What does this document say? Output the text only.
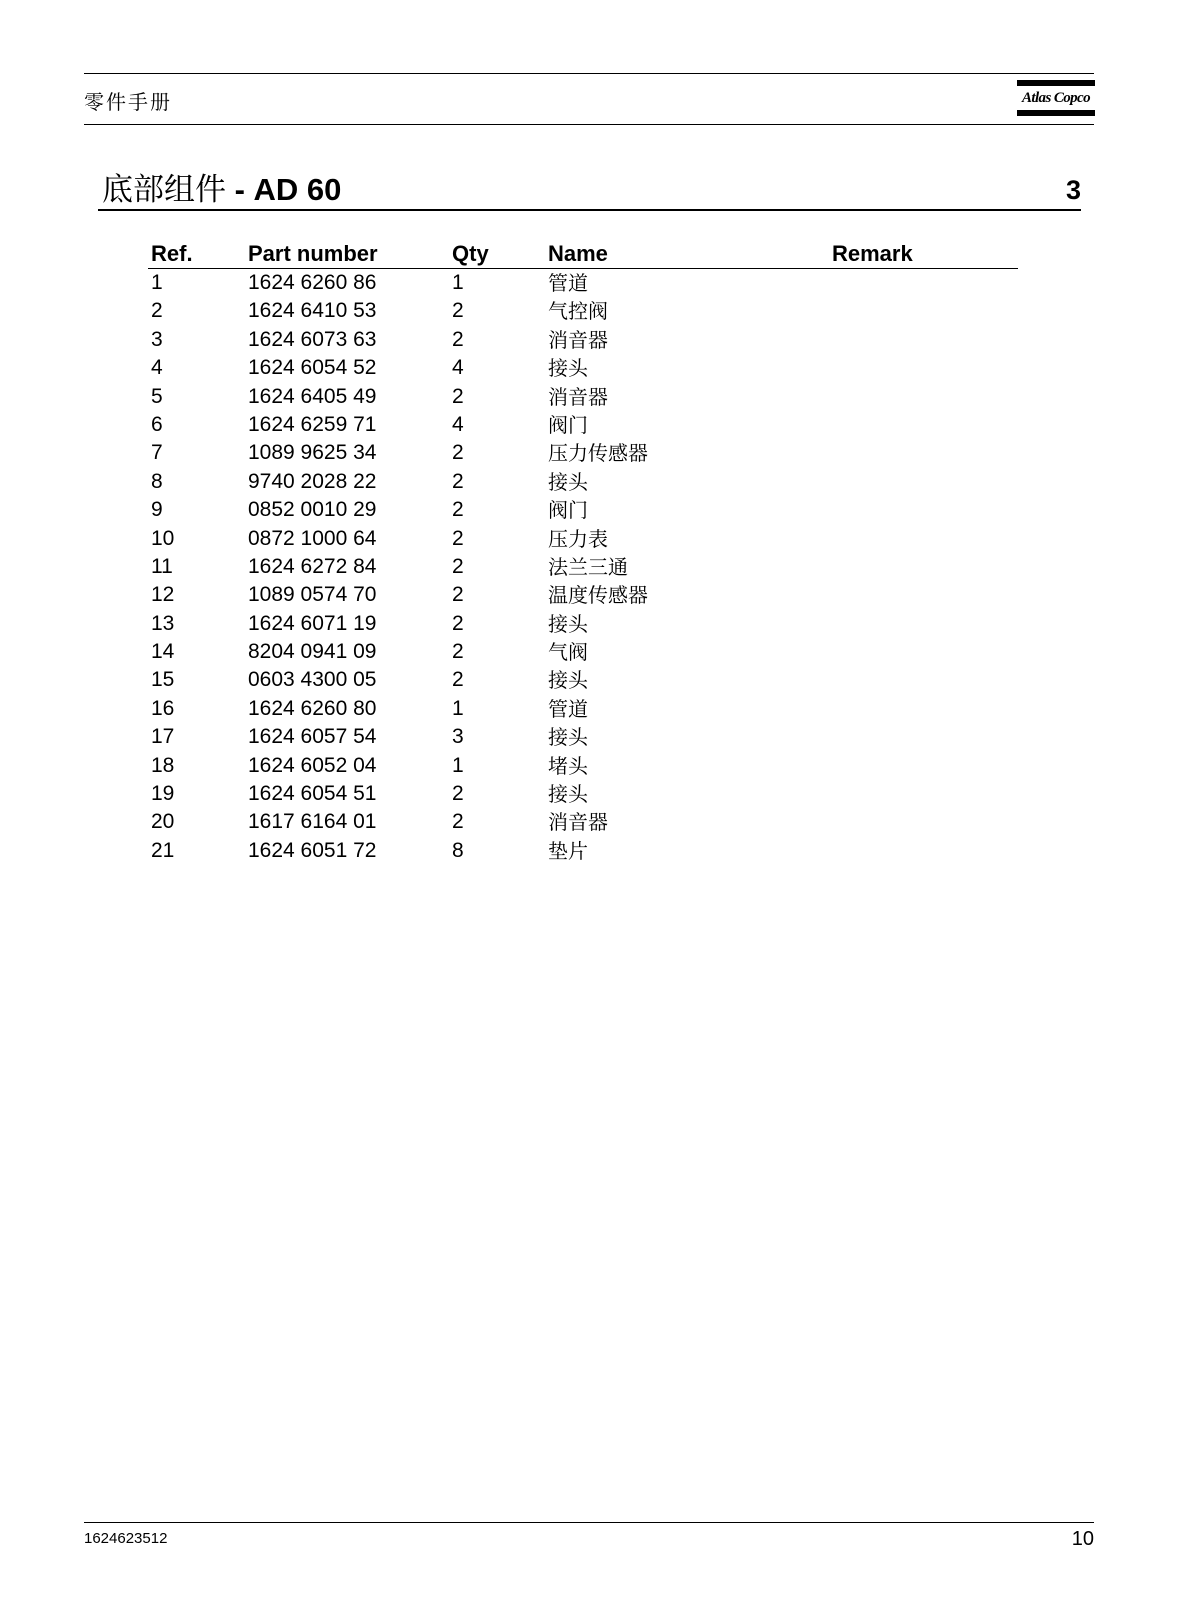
零件手册	Atlas Copco
底部组件 - AD 60	3
Ref.	Part number	Qty	Name	Remark
1	1624 6260 86	1	管道
2	1624 6410 53	2	气控阀
3	1624 6073 63	2	消音器
4	1624 6054 52	4	接头
5	1624 6405 49	2	消音器
6	1624 6259 71	4	阀门
7	1089 9625 34	2	压力传感器
8	9740 2028 22	2	接头
9	0852 0010 29	2	阀门
10	0872 1000 64	2	压力表
11	1624 6272 84	2	法兰三通
12	1089 0574 70	2	温度传感器
13	1624 6071 19	2	接头
14	8204 0941 09	2	气阀
15	0603 4300 05	2	接头
16	1624 6260 80	1	管道
17	1624 6057 54	3	接头
18	1624 6052 04	1	堵头
19	1624 6054 51	2	接头
20	1617 6164 01	2	消音器
21	1624 6051 72	8	垫片
1624623512	10
